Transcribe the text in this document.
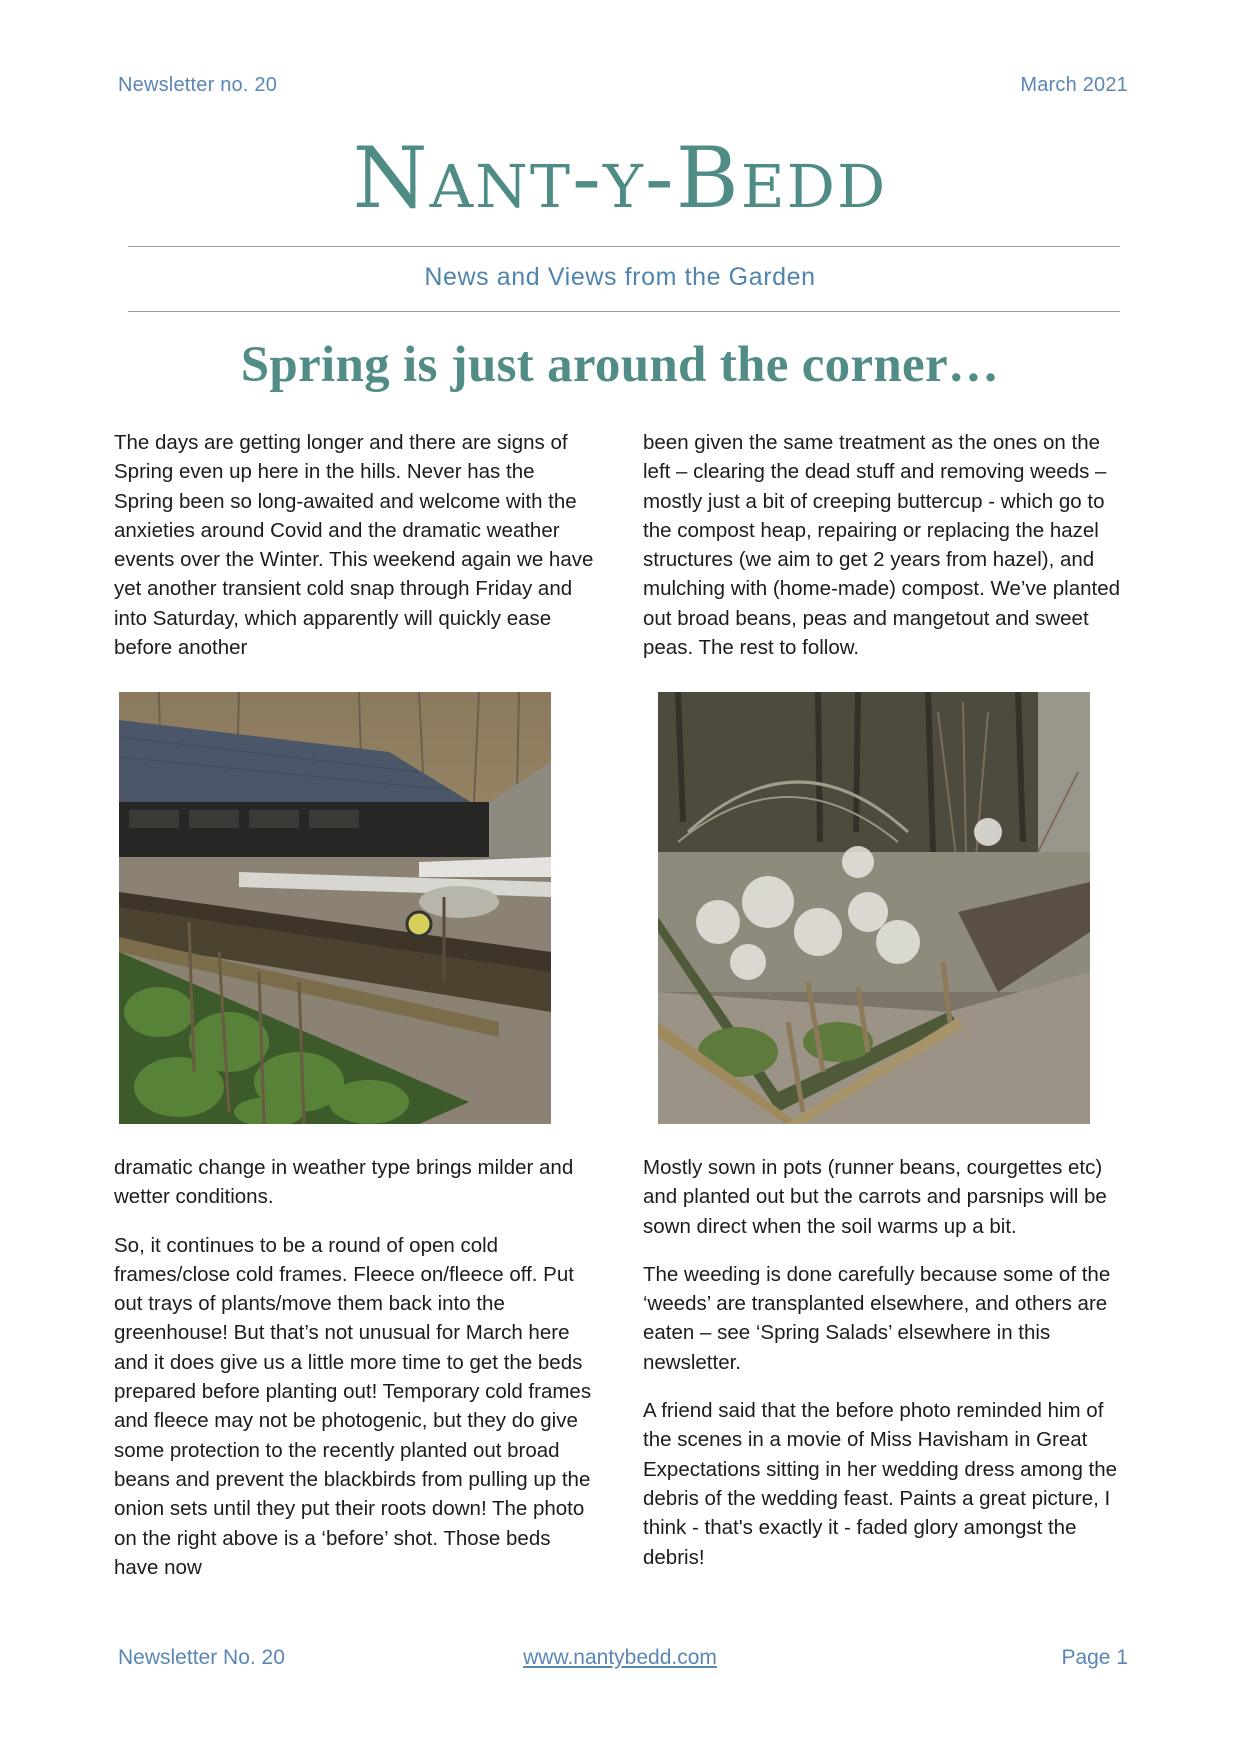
Newsletter no. 20	March 2021
Nant-y-Bedd
News and Views from the Garden
Spring is just around the corner…

The days are getting longer and there are signs of Spring even up here in the hills. Never has the Spring been so long-awaited and welcome with the anxieties around Covid and the dramatic weather events over the Winter. This weekend again we have yet another transient cold snap through Friday and into Saturday, which apparently will quickly ease before another

been given the same treatment as the ones on the left – clearing the dead stuff and removing weeds – mostly just a bit of creeping buttercup - which go to the compost heap, repairing or replacing the hazel structures (we aim to get 2 years from hazel), and mulching with (home-made) compost. We’ve planted out broad beans, peas and mangetout and sweet peas. The rest to follow.

dramatic change in weather type brings milder and wetter conditions.

So, it continues to be a round of open cold frames/close cold frames. Fleece on/fleece off. Put out trays of plants/move them back into the greenhouse! But that’s not unusual for March here and it does give us a little more time to get the beds prepared before planting out! Temporary cold frames and fleece may not be photogenic, but they do give some protection to the recently planted out broad beans and prevent the blackbirds from pulling up the onion sets until they put their roots down! The photo on the right above is a ‘before’ shot. Those beds have now

Mostly sown in pots (runner beans, courgettes etc) and planted out but the carrots and parsnips will be sown direct when the soil warms up a bit.

The weeding is done carefully because some of the ‘weeds’ are transplanted elsewhere, and others are eaten – see ‘Spring Salads’ elsewhere in this newsletter.

A friend said that the before photo reminded him of the scenes in a movie of Miss Havisham in Great Expectations sitting in her wedding dress among the debris of the wedding feast. Paints a great picture, I think - that's exactly it - faded glory amongst the debris!

Newsletter No. 20	www.nantybedd.com	Page 1
